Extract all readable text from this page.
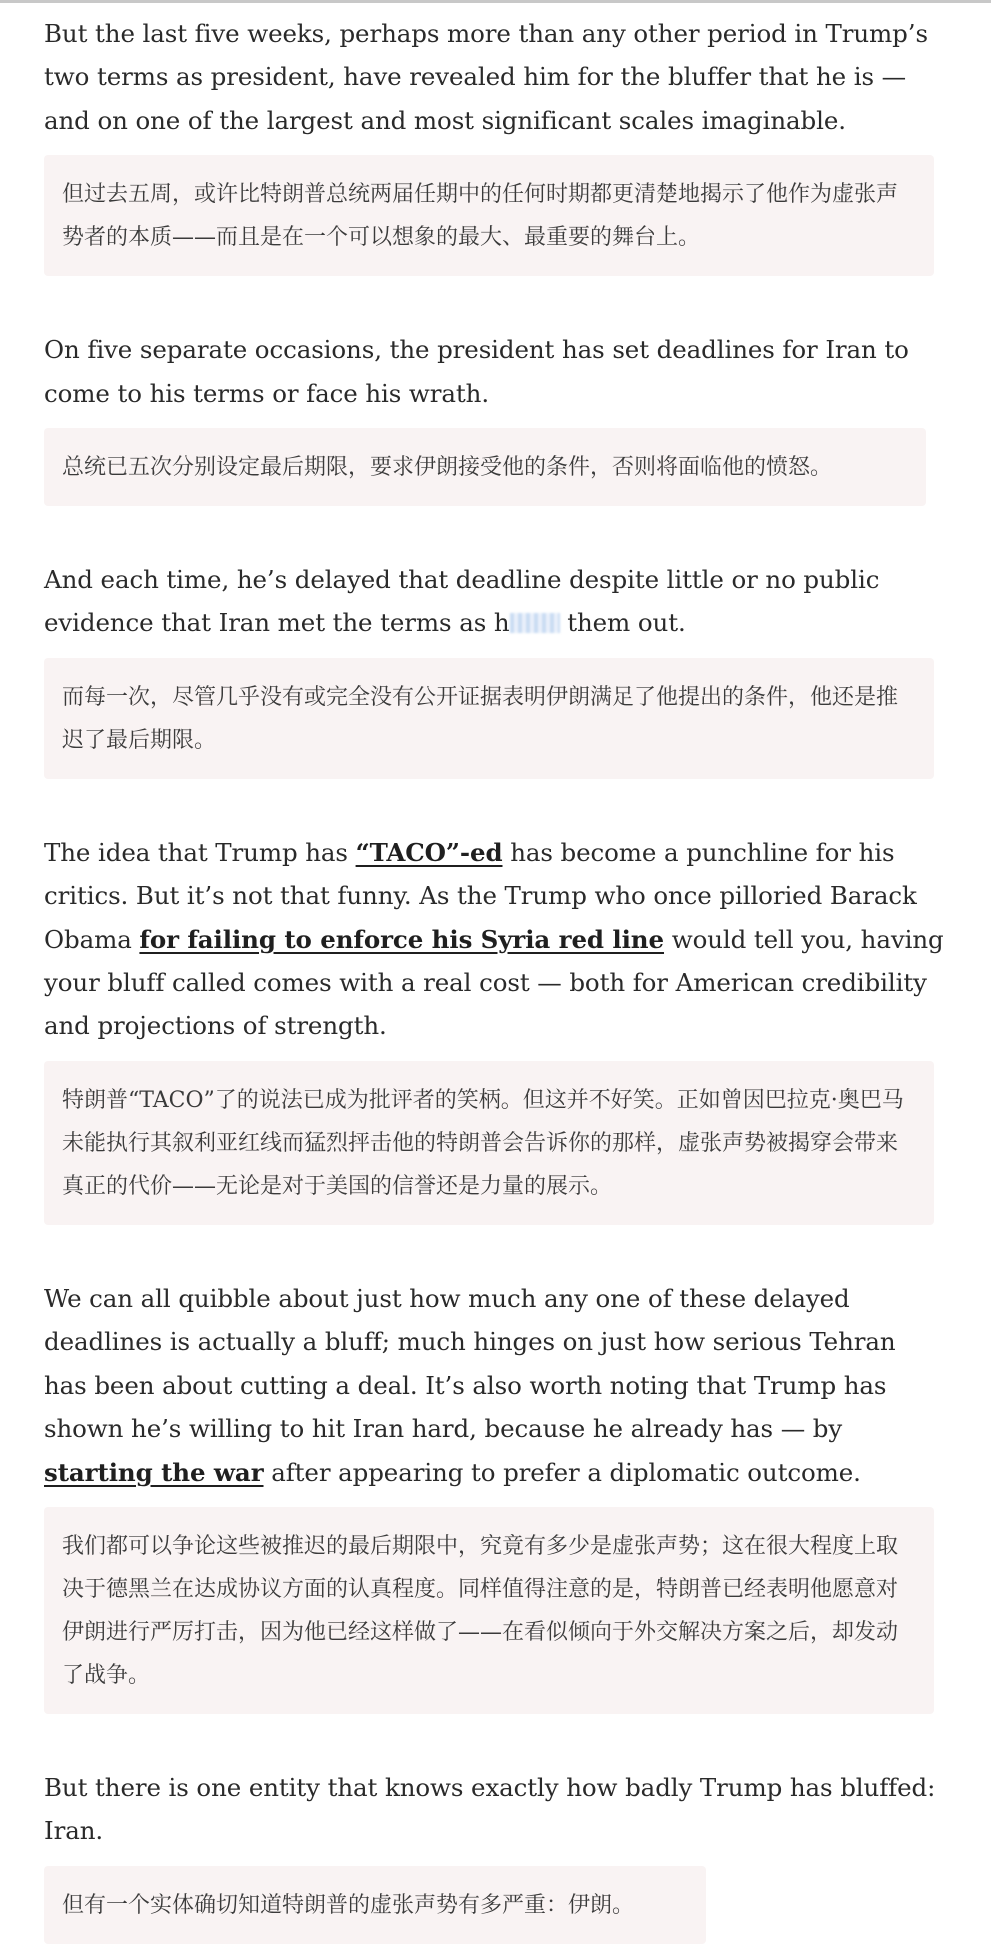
But the last five weeks, perhaps more than any other period in Trump’s two terms as president, have revealed him for the bluffer that he is — and on one of the largest and most significant scales imaginable.

但过去五周，或许比特朗普总统两届任期中的任何时期都更清楚地揭示了他作为虚张声势者的本质——而且是在一个可以想象的最大、最重要的舞台上。

On five separate occasions, the president has set deadlines for Iran to come to his terms or face his wrath.

总统已五次分别设定最后期限，要求伊朗接受他的条件，否则将面临他的愤怒。

And each time, he’s delayed that deadline despite little or no public evidence that Iran met the terms as h them out.

而每一次，尽管几乎没有或完全没有公开证据表明伊朗满足了他提出的条件，他还是推迟了最后期限。

The idea that Trump has “TACO”-ed has become a punchline for his critics. But it’s not that funny. As the Trump who once pilloried Barack Obama for failing to enforce his Syria red line would tell you, having your bluff called comes with a real cost — both for American credibility and projections of strength.

特朗普“TACO”了的说法已成为批评者的笑柄。但这并不好笑。正如曾因巴拉克·奥巴马未能执行其叙利亚红线而猛烈抨击他的特朗普会告诉你的那样，虚张声势被揭穿会带来真正的代价——无论是对于美国的信誉还是力量的展示。

We can all quibble about just how much any one of these delayed deadlines is actually a bluff; much hinges on just how serious Tehran has been about cutting a deal. It’s also worth noting that Trump has shown he’s willing to hit Iran hard, because he already has — by starting the war after appearing to prefer a diplomatic outcome.

我们都可以争论这些被推迟的最后期限中，究竟有多少是虚张声势；这在很大程度上取决于德黑兰在达成协议方面的认真程度。同样值得注意的是，特朗普已经表明他愿意对伊朗进行严厉打击，因为他已经这样做了——在看似倾向于外交解决方案之后，却发动了战争。

But there is one entity that knows exactly how badly Trump has bluffed: Iran.

但有一个实体确切知道特朗普的虚张声势有多严重：伊朗。
